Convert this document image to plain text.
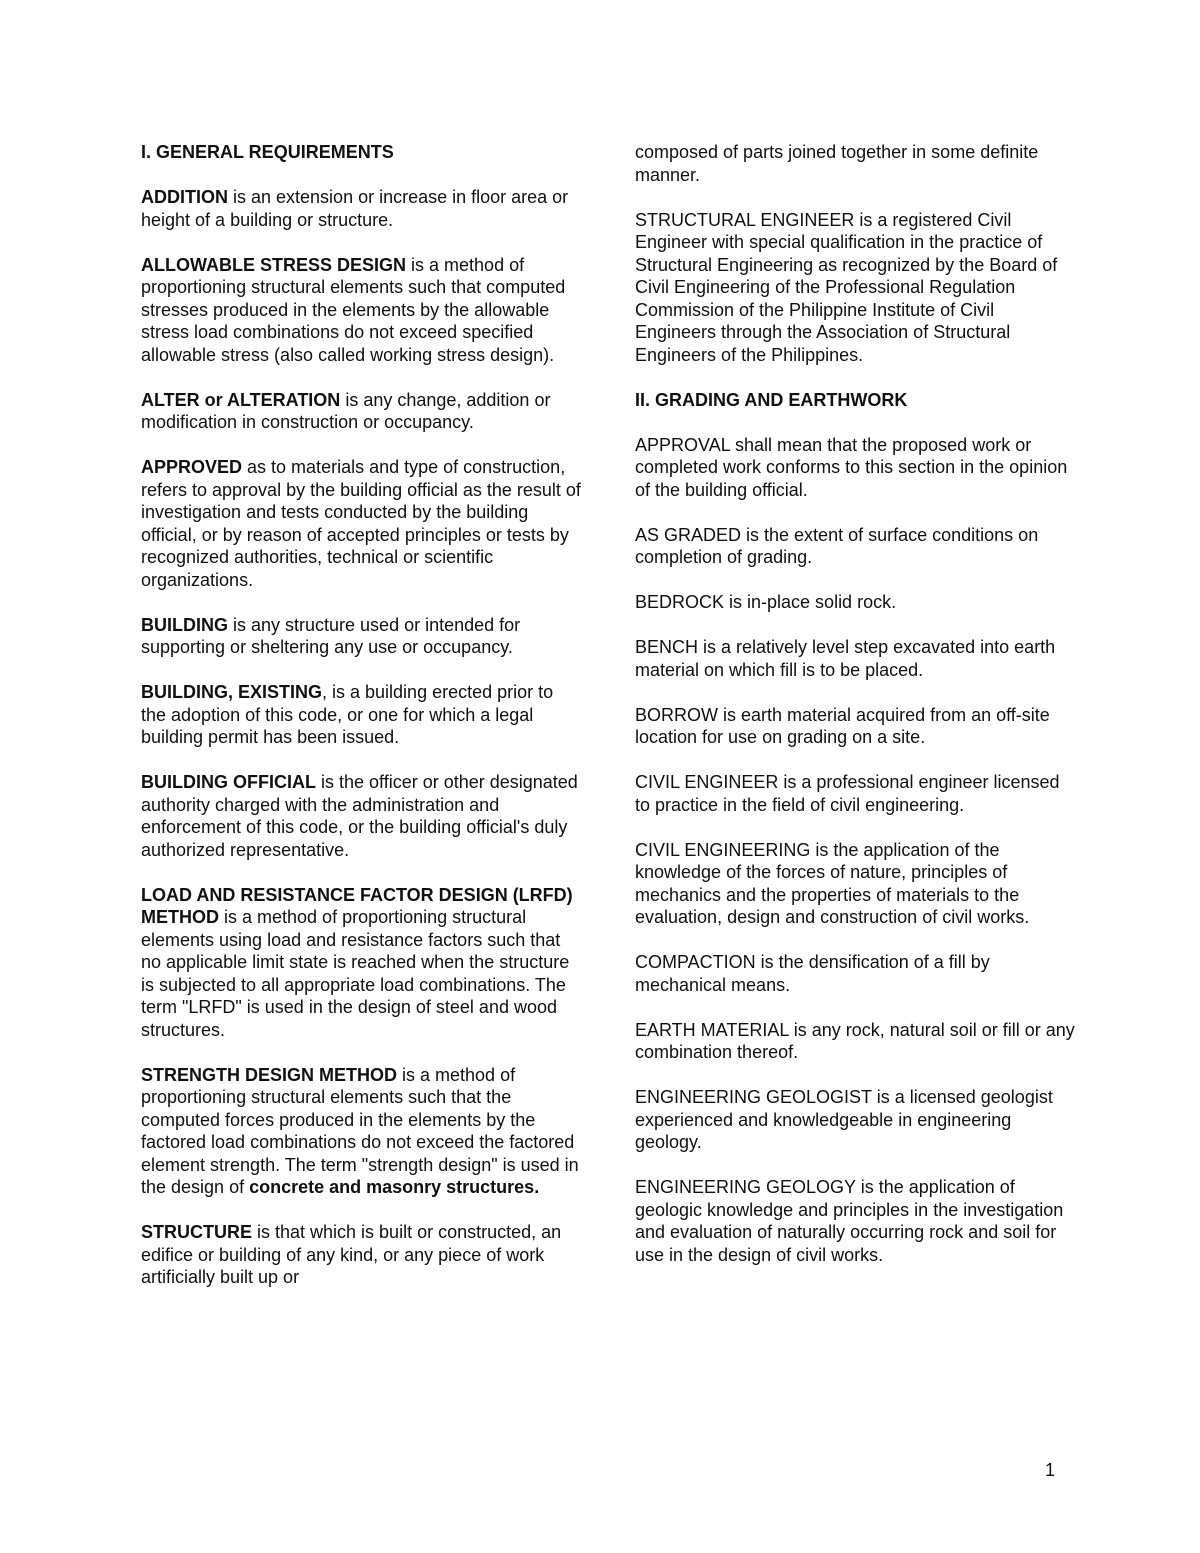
I. GENERAL REQUIREMENTS

ADDITION is an extension or increase in floor area or height of a building or structure.

ALLOWABLE STRESS DESIGN is a method of proportioning structural elements such that computed stresses produced in the elements by the allowable stress load combinations do not exceed specified allowable stress (also called working stress design).

ALTER or ALTERATION is any change, addition or modification in construction or occupancy.

APPROVED as to materials and type of construction, refers to approval by the building official as the result of investigation and tests conducted by the building official, or by reason of accepted principles or tests by recognized authorities, technical or scientific organizations.

BUILDING is any structure used or intended for supporting or sheltering any use or occupancy.

BUILDING, EXISTING, is a building erected prior to the adoption of this code, or one for which a legal building permit has been issued.

BUILDING OFFICIAL is the officer or other designated authority charged with the administration and enforcement of this code, or the building official's duly authorized representative.

LOAD AND RESISTANCE FACTOR DESIGN (LRFD) METHOD is a method of proportioning structural elements using load and resistance factors such that no applicable limit state is reached when the structure is subjected to all appropriate load combinations. The term "LRFD" is used in the design of steel and wood structures.

STRENGTH DESIGN METHOD is a method of proportioning structural elements such that the computed forces produced in the elements by the factored load combinations do not exceed the factored element strength. The term "strength design" is used in the design of concrete and masonry structures.

STRUCTURE is that which is built or constructed, an edifice or building of any kind, or any piece of work artificially built up or

composed of parts joined together in some definite manner.

STRUCTURAL ENGINEER is a registered Civil Engineer with special qualification in the practice of Structural Engineering as recognized by the Board of Civil Engineering of the Professional Regulation Commission of the Philippine Institute of Civil Engineers through the Association of Structural Engineers of the Philippines.

II. GRADING AND EARTHWORK

APPROVAL shall mean that the proposed work or completed work conforms to this section in the opinion of the building official.

AS GRADED is the extent of surface conditions on completion of grading.

BEDROCK is in-place solid rock.

BENCH is a relatively level step excavated into earth material on which fill is to be placed.

BORROW is earth material acquired from an off-site location for use on grading on a site.

CIVIL ENGINEER is a professional engineer licensed to practice in the field of civil engineering.

CIVIL ENGINEERING is the application of the knowledge of the forces of nature, principles of mechanics and the properties of materials to the evaluation, design and construction of civil works.

COMPACTION is the densification of a fill by mechanical means.

EARTH MATERIAL is any rock, natural soil or fill or any combination thereof.

ENGINEERING GEOLOGIST is a licensed geologist experienced and knowledgeable in engineering geology.

ENGINEERING GEOLOGY is the application of geologic knowledge and principles in the investigation and evaluation of naturally occurring rock and soil for use in the design of civil works.

1
